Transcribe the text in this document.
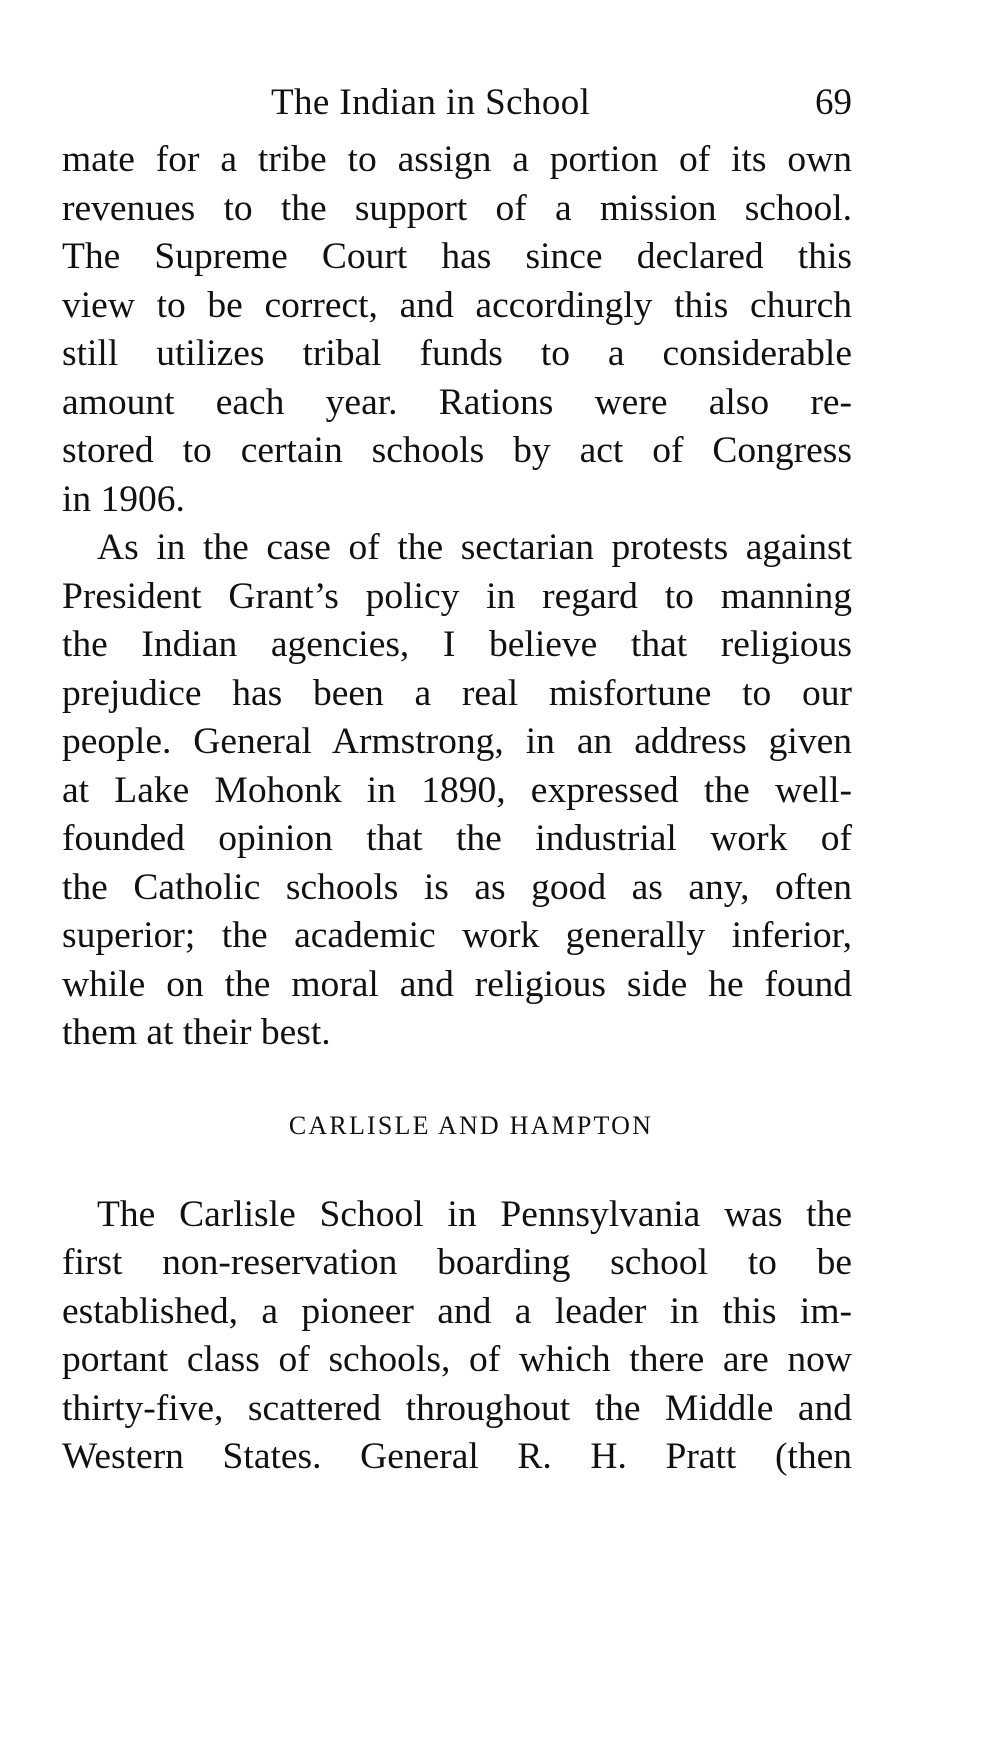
The Indian in School	69

mate for a tribe to assign a portion of its own
revenues to the support of a mission school.
The Supreme Court has since declared this
view to be correct, and accordingly this church
still utilizes tribal funds to a considerable
amount each year. Rations were also re-
stored to certain schools by act of Congress
in 1906.

As in the case of the sectarian protests against
President Grant’s policy in regard to manning
the Indian agencies, I believe that religious
prejudice has been a real misfortune to our
people. General Armstrong, in an address given
at Lake Mohonk in 1890, expressed the well-
founded opinion that the industrial work of
the Catholic schools is as good as any, often
superior; the academic work generally inferior,
while on the moral and religious side he found
them at their best.

CARLISLE AND HAMPTON

The Carlisle School in Pennsylvania was the
first non-reservation boarding school to be
established, a pioneer and a leader in this im-
portant class of schools, of which there are now
thirty-five, scattered throughout the Middle and
Western States. General R. H. Pratt (then
